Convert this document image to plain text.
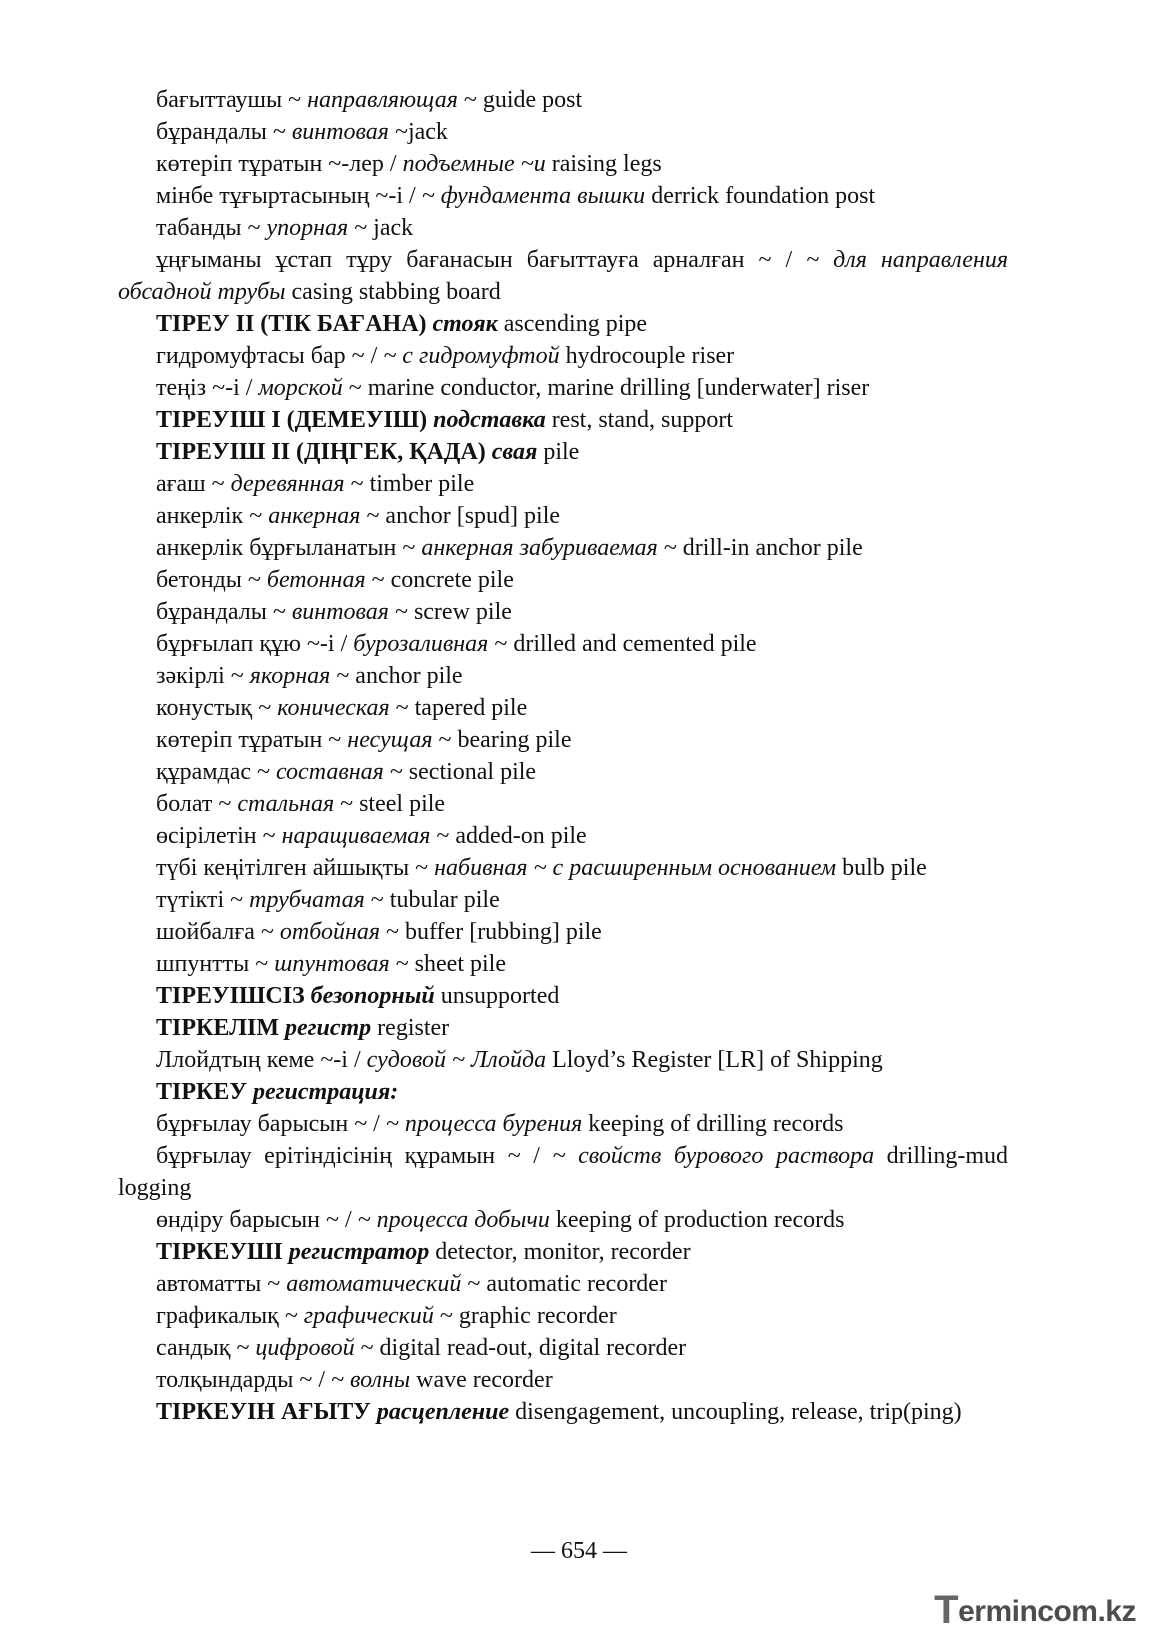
бағыттаушы ~ направляющая ~ guide post

бұрандалы ~ винтовая ~jack

көтеріп тұратын ~-лер / подъемные ~и raising legs

мінбе тұғыртасының ~-і / ~ фундамента вышки derrick foundation post

табанды ~ упорная ~ jack

ұңғыманы ұстап тұру бағанасын бағыттауға арналған ~ / ~ для направления обсадной трубы casing stabbing board

ТІРЕУ ІІ (ТІК БАҒАНА) стояк ascending pipe

гидромуфтасы бар ~ / ~ с гидромуфтой hydrocouple riser

теңіз ~-і / морской ~ marine conductor, marine drilling [underwater] riser

ТІРЕУІШ І (ДЕМЕУІШ) подставка rest, stand, support

ТІРЕУІШ ІІ (ДІҢГЕК, ҚАДА) свая pile

ағаш ~ деревянная ~ timber pile

анкерлік ~ анкерная ~ anchor [spud] pile

анкерлік бұрғыланатын ~ анкерная забуриваемая ~ drill-in anchor pile

бетонды ~ бетонная ~ concrete pile

бұрандалы ~ винтовая ~ screw pile

бұрғылап құю ~-і / бурозаливная ~ drilled and cemented pile

зәкірлі ~ якорная ~ anchor pile

конустық ~ коническая ~ tapered pile

көтеріп тұратын ~ несущая ~ bearing pile

құрамдас ~ составная ~ sectional pile

болат ~ стальная ~ steel pile

өсірілетін ~ наращиваемая ~ added-on pile

түбі кеңітілген айшықты ~ набивная ~ с расширенным основанием bulb pile

түтікті ~ трубчатая ~ tubular pile

шойбалға ~ отбойная ~ buffer [rubbing] pile

шпунтты ~ шпунтовая ~ sheet pile

ТІРЕУІШСІЗ безопорный unsupported

ТІРКЕЛІМ регистр register

Ллойдтың кеме ~-і / судовой ~ Ллойда Lloyd’s Register [LR] of Shipping

ТІРКЕУ регистрация:

бұрғылау барысын ~ / ~ процесса бурения keeping of drilling records

бұрғылау ерітіндісінің құрамын ~ / ~ свойств бурового раствора drilling-mud logging

өндіру барысын ~ / ~ процесса добычи keeping of production records

ТІРКЕУШІ регистратор detector, monitor, recorder

автоматты ~ автоматический ~ automatic recorder

графикалық ~ графический ~ graphic recorder

сандық ~ цифровой ~ digital read-out, digital recorder

толқындарды ~ / ~ волны wave recorder

ТІРКЕУІН АҒЫТУ расцепление disengagement, uncoupling, release, trip(ping)

— 654 —
T ermincom.kz
